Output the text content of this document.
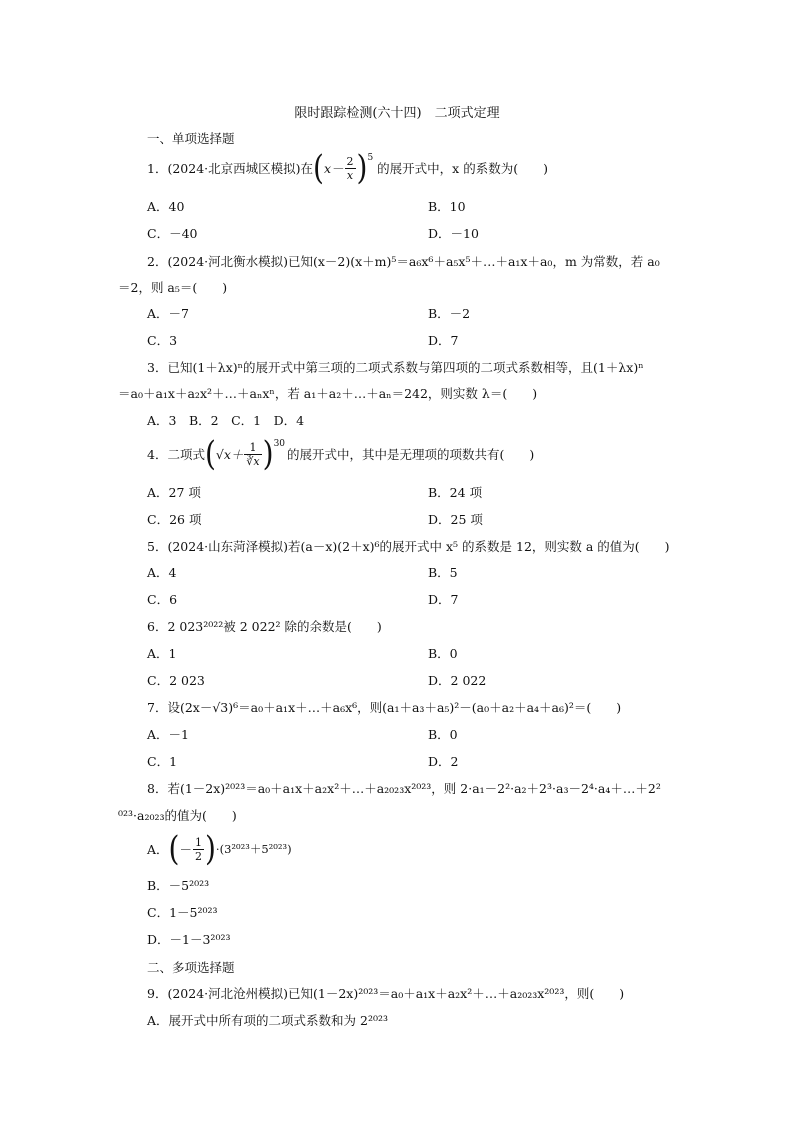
限时跟踪检测(六十四)　二项式定理
一、单项选择题
1．(2024·北京西城区模拟)在 ( $x- \frac{2}{x} )^5$
的展开式中，x 的系数为(　　)
A．40	B．10
C．－40	D．－10
2．(2024·河北衡水模拟)已知(x－2)(x＋m)⁵＝a₆x⁶＋a₅x⁵＋…＋a₁x＋a₀，m 为常数，若 a₀
＝2，则 a₅＝(　　)
A．－7	B．－2
C．3	D．7
3．已知(1＋λx)ⁿ的展开式中第三项的二项式系数与第四项的二项式系数相等，且(1＋λx)ⁿ
＝a₀＋a₁x＋a₂x²＋…＋aₙxⁿ，若 a₁＋a₂＋…＋aₙ＝242，则实数 λ＝(　　)
A．3　B．2　C．1　D．4
4．二项式 ( $√x+ \frac{1}{∛x} )^{30}$
的展开式中，其中是无理项的项数共有(　　)
A．27 项	B．24 项
C．26 项	D．25 项
5．(2024·山东菏泽模拟)若(a－x)(2＋x)⁶的展开式中 x⁵ 的系数是 12，则实数 a 的值为(　　)
A．4	B．5
C．6	D．7
6．2 023²⁰²²被 2 022² 除的余数是(　　)
A．1	B．0
C．2 023	D．2 022
7．设(2x－√3)⁶＝a₀＋a₁x＋…＋a₆x⁶，则(a₁＋a₃＋a₅)²－(a₀＋a₂＋a₄＋a₆)²＝(　　)
A．－1	B．0
C．1	D．2
8．若(1－2x)²⁰²³＝a₀＋a₁x＋a₂x²＋…＋a₂₀₂₃x²⁰²³，则 2·a₁－2²·a₂＋2³·a₃－2⁴·a₄＋…＋2²
⁰²³·a₂₀₂₃的值为(　　)
A． ( － $\frac{1}{2}$ ) ·(3²⁰²³＋5²⁰²³)
B．－5²⁰²³
C．1－5²⁰²³
D．－1－3²⁰²³
二、多项选择题
9．(2024·河北沧州模拟)已知(1－2x)²⁰²³＝a₀＋a₁x＋a₂x²＋…＋a₂₀₂₃x²⁰²³，则(　　)
A．展开式中所有项的二项式系数和为 2²⁰²³
